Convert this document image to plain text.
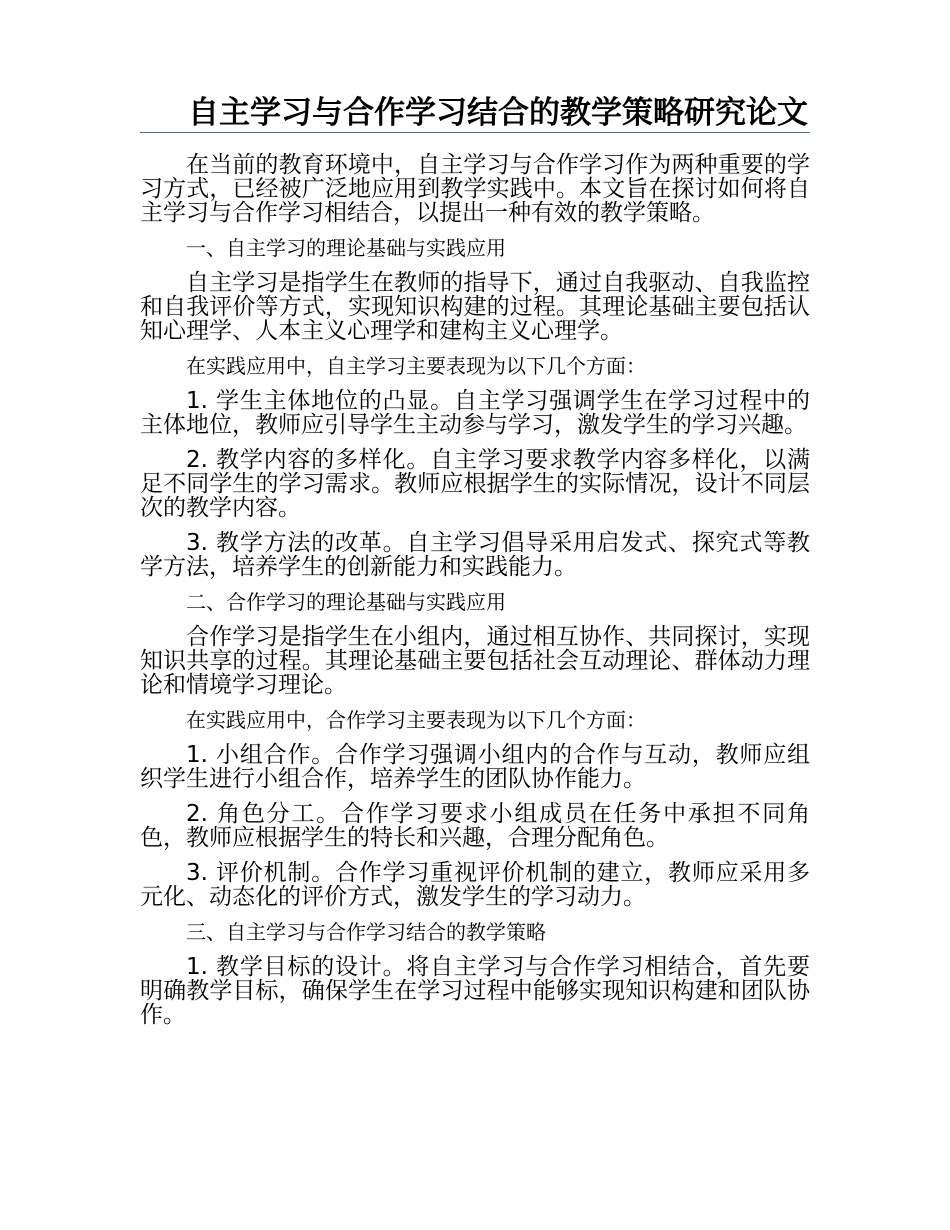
自主学习与合作学习结合的教学策略研究论文

在当前的教育环境中，自主学习与合作学习作为两种重要的学习方式，已经被广泛地应用到教学实践中。本文旨在探讨如何将自主学习与合作学习相结合，以提出一种有效的教学策略。

一、自主学习的理论基础与实践应用

自主学习是指学生在教师的指导下，通过自我驱动、自我监控和自我评价等方式，实现知识构建的过程。其理论基础主要包括认知心理学、人本主义心理学和建构主义心理学。

在实践应用中，自主学习主要表现为以下几个方面：

1. 学生主体地位的凸显。自主学习强调学生在学习过程中的主体地位，教师应引导学生主动参与学习，激发学生的学习兴趣。

2. 教学内容的多样化。自主学习要求教学内容多样化，以满足不同学生的学习需求。教师应根据学生的实际情况，设计不同层次的教学内容。

3. 教学方法的改革。自主学习倡导采用启发式、探究式等教学方法，培养学生的创新能力和实践能力。

二、合作学习的理论基础与实践应用

合作学习是指学生在小组内，通过相互协作、共同探讨，实现知识共享的过程。其理论基础主要包括社会互动理论、群体动力理论和情境学习理论。

在实践应用中，合作学习主要表现为以下几个方面：

1. 小组合作。合作学习强调小组内的合作与互动，教师应组织学生进行小组合作，培养学生的团队协作能力。

2. 角色分工。合作学习要求小组成员在任务中承担不同角色，教师应根据学生的特长和兴趣，合理分配角色。

3. 评价机制。合作学习重视评价机制的建立，教师应采用多元化、动态化的评价方式，激发学生的学习动力。

三、自主学习与合作学习结合的教学策略

1. 教学目标的设计。将自主学习与合作学习相结合，首先要明确教学目标，确保学生在学习过程中能够实现知识构建和团队协作。
